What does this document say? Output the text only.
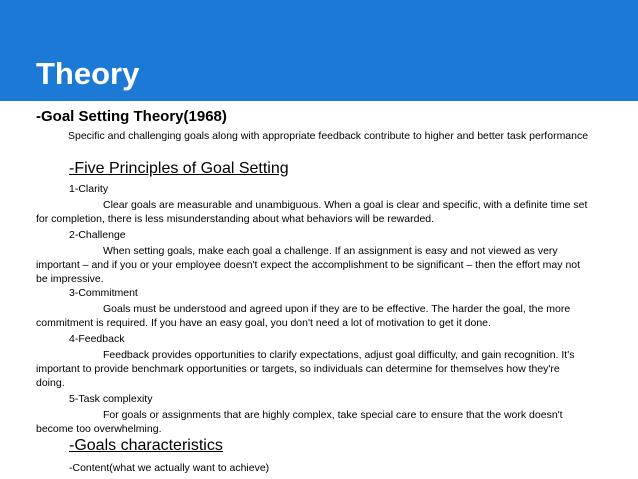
Theory

-Goal Setting Theory(1968)

Specific and challenging goals along with appropriate feedback contribute to higher and better task performance

-Five Principles of Goal Setting

1-Clarity

Clear goals are measurable and unambiguous. When a goal is clear and specific, with a definite time set

for completion, there is less misunderstanding about what behaviors will be rewarded.

2-Challenge

When setting goals, make each goal a challenge. If an assignment is easy and not viewed as very

important – and if you or your employee doesn't expect the accomplishment to be significant – then the effort may not

be impressive.

3-Commitment

Goals must be understood and agreed upon if they are to be effective. The harder the goal, the more

commitment is required. If you have an easy goal, you don't need a lot of motivation to get it done.

4-Feedback

Feedback provides opportunities to clarify expectations, adjust goal difficulty, and gain recognition. It's

important to provide benchmark opportunities or targets, so individuals can determine for themselves how they're

doing.

5-Task complexity

For goals or assignments that are highly complex, take special care to ensure that the work doesn't

become too overwhelming.

-Goals characteristics

-Content(what we actually want to achieve)
